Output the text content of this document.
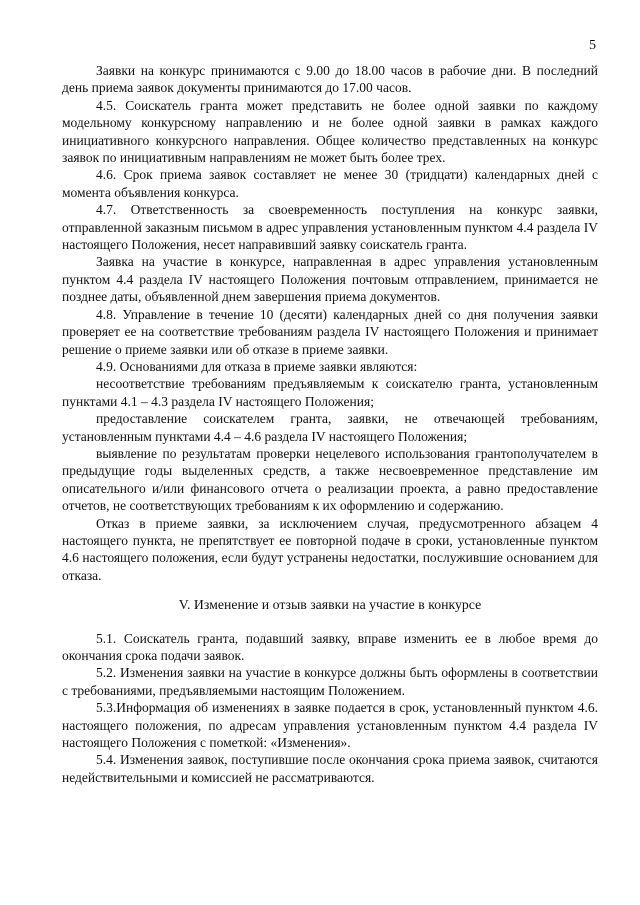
5

Заявки на конкурс принимаются с 9.00 до 18.00 часов в рабочие дни. В последний день приема заявок документы принимаются до 17.00 часов.

4.5. Соискатель гранта может представить не более одной заявки по каждому модельному конкурсному направлению и не более одной заявки в рамках каждого инициативного конкурсного направления. Общее количество представленных на конкурс заявок по инициативным направлениям не может быть более трех.

4.6. Срок приема заявок составляет не менее 30 (тридцати) календарных дней с момента объявления конкурса.

4.7. Ответственность за своевременность поступления на конкурс заявки, отправленной заказным письмом в адрес управления установленным пунктом 4.4 раздела IV настоящего Положения, несет направивший заявку соискатель гранта.

Заявка на участие в конкурсе, направленная в адрес управления установленным пунктом 4.4 раздела IV настоящего Положения почтовым отправлением, принимается не позднее даты, объявленной днем завершения приема документов.

4.8. Управление в течение 10 (десяти) календарных дней со дня получения заявки проверяет ее на соответствие требованиям раздела IV настоящего Положения и принимает решение о приеме заявки или об отказе в приеме заявки.

4.9. Основаниями для отказа в приеме заявки являются:

несоответствие требованиям предъявляемым к соискателю гранта, установленным пунктами 4.1 – 4.3 раздела IV настоящего Положения;

предоставление соискателем гранта, заявки, не отвечающей требованиям, установленным пунктами 4.4 – 4.6 раздела IV настоящего Положения;

выявление по результатам проверки нецелевого использования грантополучателем в предыдущие годы выделенных средств, а также несвоевременное представление им описательного и/или финансового отчета о реализации проекта, а равно предоставление отчетов, не соответствующих требованиям к их оформлению и содержанию.

Отказ в приеме заявки, за исключением случая, предусмотренного абзацем 4 настоящего пункта, не препятствует ее повторной подаче в сроки, установленные пунктом 4.6 настоящего положения, если будут устранены недостатки, послужившие основанием для отказа.

V. Изменение и отзыв заявки на участие в конкурсе

5.1. Соискатель гранта, подавший заявку, вправе изменить ее в любое время до окончания срока подачи заявок.

5.2. Изменения заявки на участие в конкурсе должны быть оформлены в соответствии с требованиями, предъявляемыми настоящим Положением.

5.3.Информация об изменениях в заявке подается в срок, установленный пунктом 4.6. настоящего положения, по адресам управления установленным пунктом 4.4 раздела IV настоящего Положения с пометкой: «Изменения».

5.4. Изменения заявок, поступившие после окончания срока приема заявок, считаются недействительными и комиссией не рассматриваются.
